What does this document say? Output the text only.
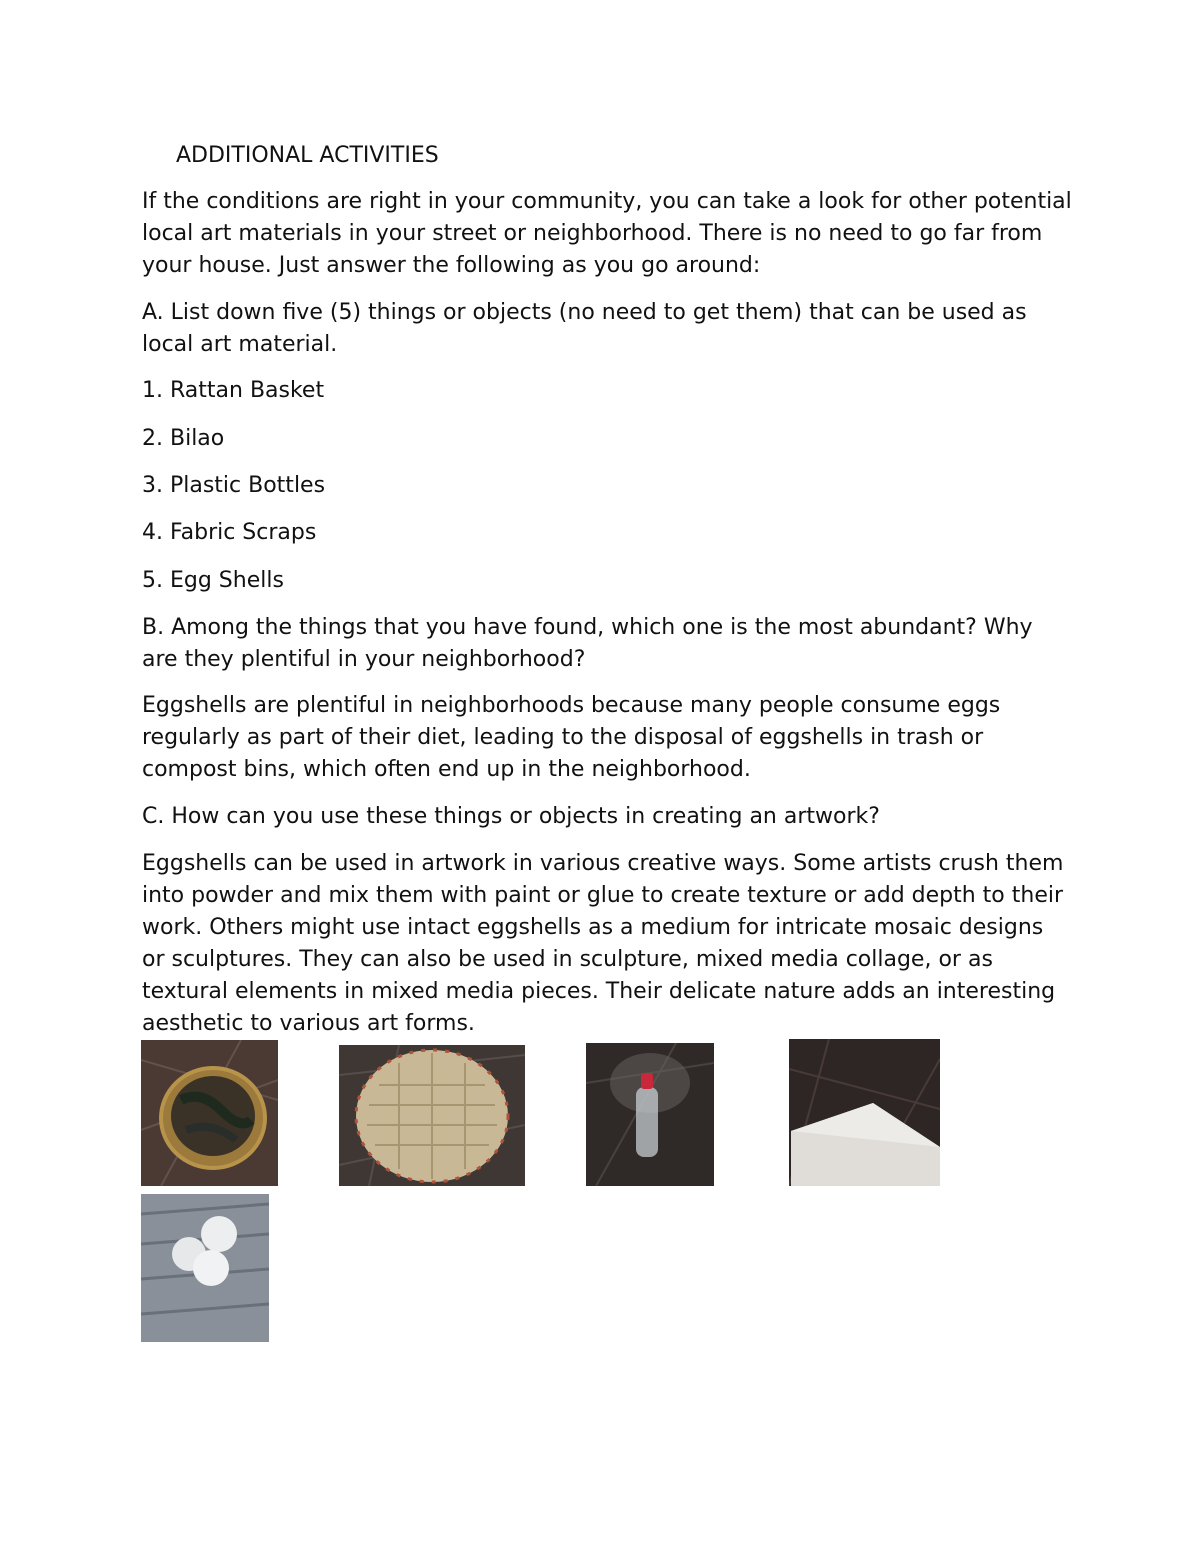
ADDITIONAL ACTIVITIES

If the conditions are right in your community, you can take a look for other potential local art materials in your street or neighborhood. There is no need to go far from your house. Just answer the following as you go around:

A. List down five (5) things or objects (no need to get them) that can be used as local art material.

1. Rattan Basket

2. Bilao

3. Plastic Bottles

4. Fabric Scraps

5. Egg Shells

B. Among the things that you have found, which one is the most abundant? Why are they plentiful in your neighborhood?

Eggshells are plentiful in neighborhoods because many people consume eggs regularly as part of their diet, leading to the disposal of eggshells in trash or compost bins, which often end up in the neighborhood.

C. How can you use these things or objects in creating an artwork?

Eggshells can be used in artwork in various creative ways. Some artists crush them into powder and mix them with paint or glue to create texture or add depth to their work. Others might use intact eggshells as a medium for intricate mosaic designs or sculptures. They can also be used in sculpture, mixed media collage, or as textural elements in mixed media pieces. Their delicate nature adds an interesting aesthetic to various art forms.
